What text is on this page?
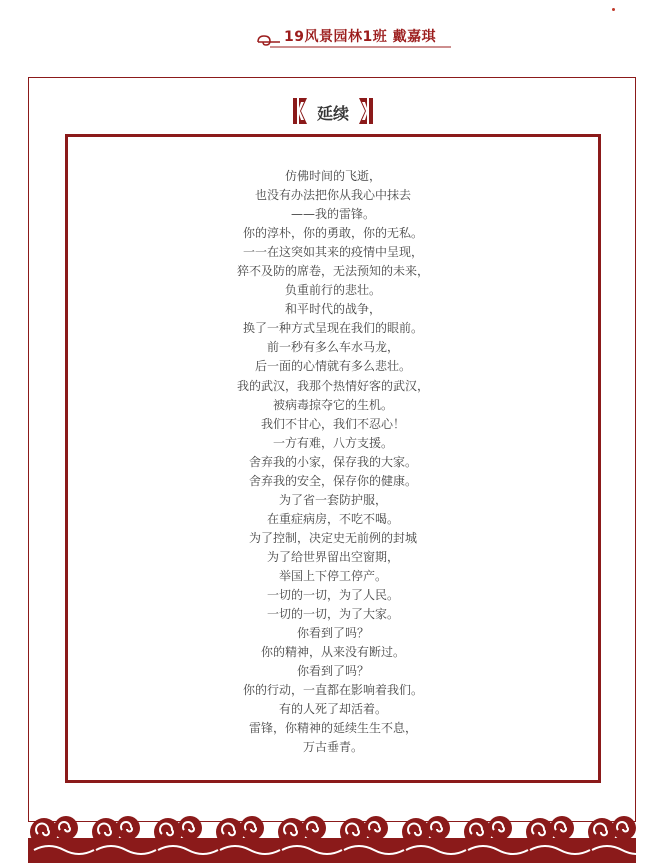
19风景园林1班 戴嘉琪
延续
仿佛时间的飞逝，
也没有办法把你从我心中抹去
——我的雷锋。
你的淳朴，你的勇敢，你的无私。
一一在这突如其来的疫情中呈现，
猝不及防的席卷，无法预知的未来，
负重前行的悲壮。
和平时代的战争，
换了一种方式呈现在我们的眼前。
前一秒有多么车水马龙，
后一面的心情就有多么悲壮。
我的武汉，我那个热情好客的武汉，
被病毒掠夺它的生机。
我们不甘心，我们不忍心！
一方有难，八方支援。
舍弃我的小家，保存我的大家。
舍弃我的安全，保存你的健康。
为了省一套防护服，
在重症病房，不吃不喝。
为了控制，决定史无前例的封城
为了给世界留出空窗期，
举国上下停工停产。
一切的一切，为了人民。
一切的一切，为了大家。
你看到了吗？
你的精神，从来没有断过。
你看到了吗？
你的行动，一直都在影响着我们。
有的人死了却活着。
雷锋，你精神的延续生生不息，
万古垂青。
